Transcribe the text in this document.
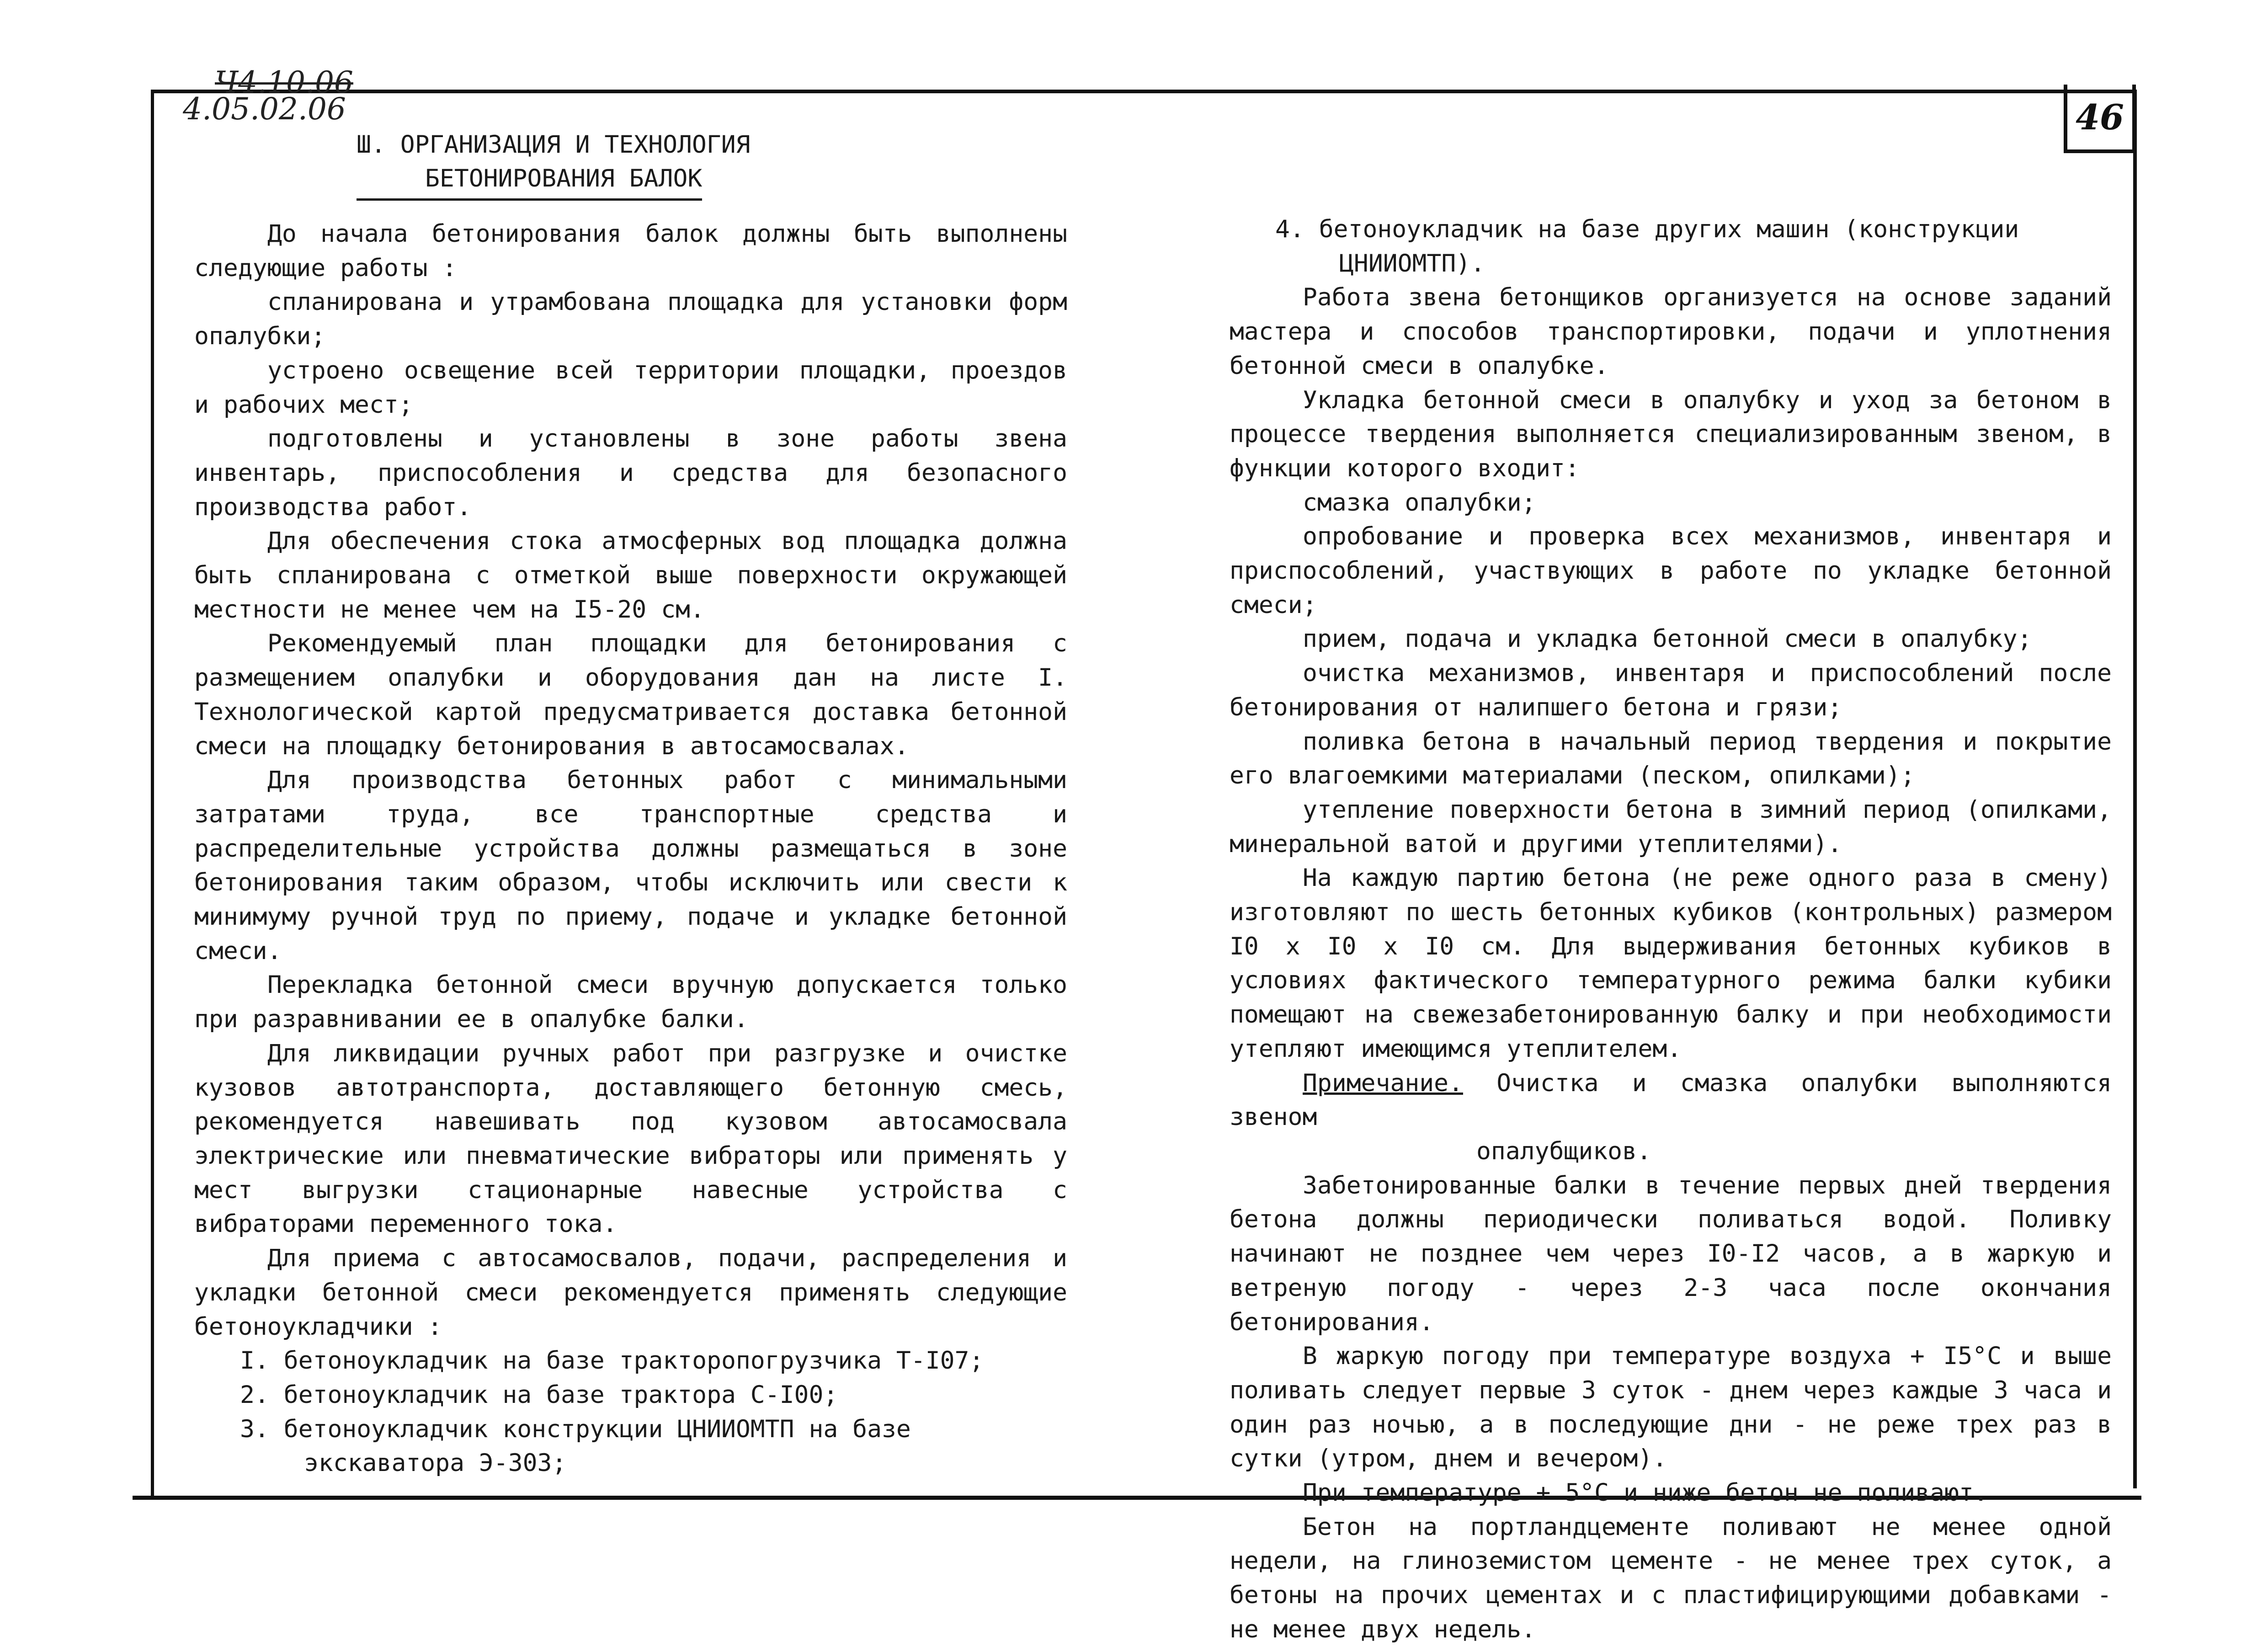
Ч4.10.06
4.05.02.06	46
Ш. ОРГАНИЗАЦИЯ И ТЕХНОЛОГИЯ
БЕТОНИРОВАНИЯ БАЛОК

До начала бетонирования балок должны быть выполнены следующие работы :

спланирована и утрамбована площадка для установки форм опалубки;

устроено освещение всей территории площадки, проездов и рабочих мест;

подготовлены и установлены в зоне работы звена инвентарь, приспособления и средства для безопасного производства работ.

Для обеспечения стока атмосферных вод площадка должна быть спланирована с отметкой выше поверхности окружающей местности не менее чем на I5-20 см.

Рекомендуемый план площадки для бетонирования с размещением опалубки и оборудования дан на листе I. Технологической картой предусматривается доставка бетонной смеси на площадку бетонирования в автосамосвалах.

Для производства бетонных работ с минимальными затратами труда, все транспортные средства и распределительные устройства должны размещаться в зоне бетонирования таким образом, чтобы исключить или свести к минимуму ручной труд по приему, подаче и укладке бетонной смеси.

Перекладка бетонной смеси вручную допускается только при разравнивании ее в опалубке балки.

Для ликвидации ручных работ при разгрузке и очистке кузовов автотранспорта, доставляющего бетонную смесь, рекомендуется навешивать под кузовом автосамосвала электрические или пневматические вибраторы или применять у мест выгрузки стационарные навесные устройства с вибраторами переменного тока.

Для приема с автосамосвалов, подачи, распределения и укладки бетонной смеси рекомендуется применять следующие бетоноукладчики :

I. бетоноукладчик на базе тракторопогрузчика Т-I07;

2. бетоноукладчик на базе трактора С-I00;

3. бетоноукладчик конструкции ЦНИИОМТП на базе экскаватора Э-303;

4. бетоноукладчик на базе других машин (конструкции ЦНИИОМТП).

Работа звена бетонщиков организуется на основе заданий мастера и способов транспортировки, подачи и уплотнения бетонной смеси в опалубке.

Укладка бетонной смеси в опалубку и уход за бетоном в процессе твердения выполняется специализированным звеном, в функции которого входит:

смазка опалубки;

опробование и проверка всех механизмов, инвентаря и приспособлений, участвующих в работе по укладке бетонной смеси;

прием, подача и укладка бетонной смеси в опалубку;

очистка механизмов, инвентаря и приспособлений после бетонирования от налипшего бетона и грязи;

поливка бетона в начальный период твердения и покрытие его влагоемкими материалами (песком, опилками);

утепление поверхности бетона в зимний период (опилками, минеральной ватой и другими утеплителями).

На каждую партию бетона (не реже одного раза в смену) изготовляют по шесть бетонных кубиков (контрольных) размером I0 х I0 х I0 см. Для выдерживания бетонных кубиков в условиях фактического температурного режима балки кубики помещают на свежезабетонированную балку и при необходимости утепляют имеющимся утеплителем.

Примечание. Очистка и смазка опалубки выполняются звеном

опалубщиков.

Забетонированные балки в течение первых дней твердения бетона должны периодически поливаться водой. Поливку начинают не позднее чем через I0-I2 часов, а в жаркую и ветреную погоду - через 2-3 часа после окончания бетонирования.

В жаркую погоду при температуре воздуха + I5°С и выше поливать следует первые 3 суток - днем через каждые 3 часа и один раз ночью, а в последующие дни - не реже трех раз в сутки (утром, днем и вечером).

При температуре + 5°С и ниже бетон не поливают.

Бетон на портландцементе поливают не менее одной недели, на глиноземистом цементе - не менее трех суток, а бетоны на прочих цементах и с пластифицирующими добавками - не менее двух недель.
